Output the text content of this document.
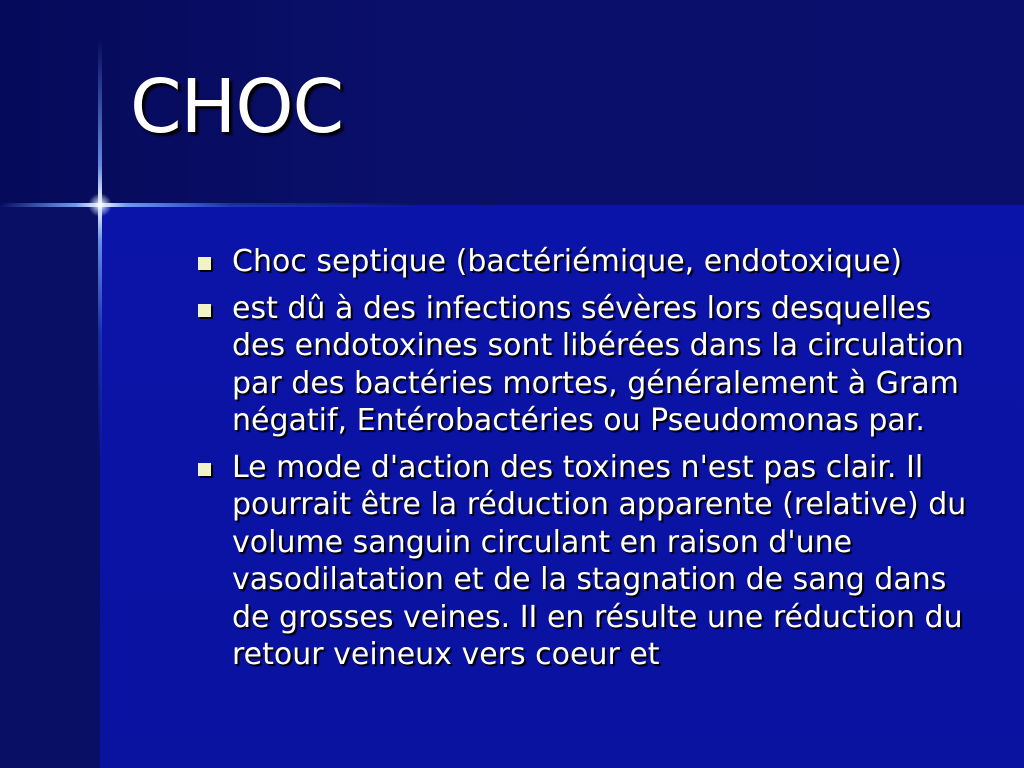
CHOC
Choc septique (bactériémique, endotoxique)
est dû à des infections sévères lors desquelles des endotoxines sont libérées dans la circulation par des bactéries mortes, généralement à Gram négatif, Entérobactéries ou Pseudomonas par.
Le mode d'action des toxines n'est pas clair. Il pourrait être la réduction apparente (relative) du volume sanguin circulant en raison d'une vasodilatation et de la stagnation de sang dans de grosses veines. II en résulte une réduction du retour veineux vers coeur et
